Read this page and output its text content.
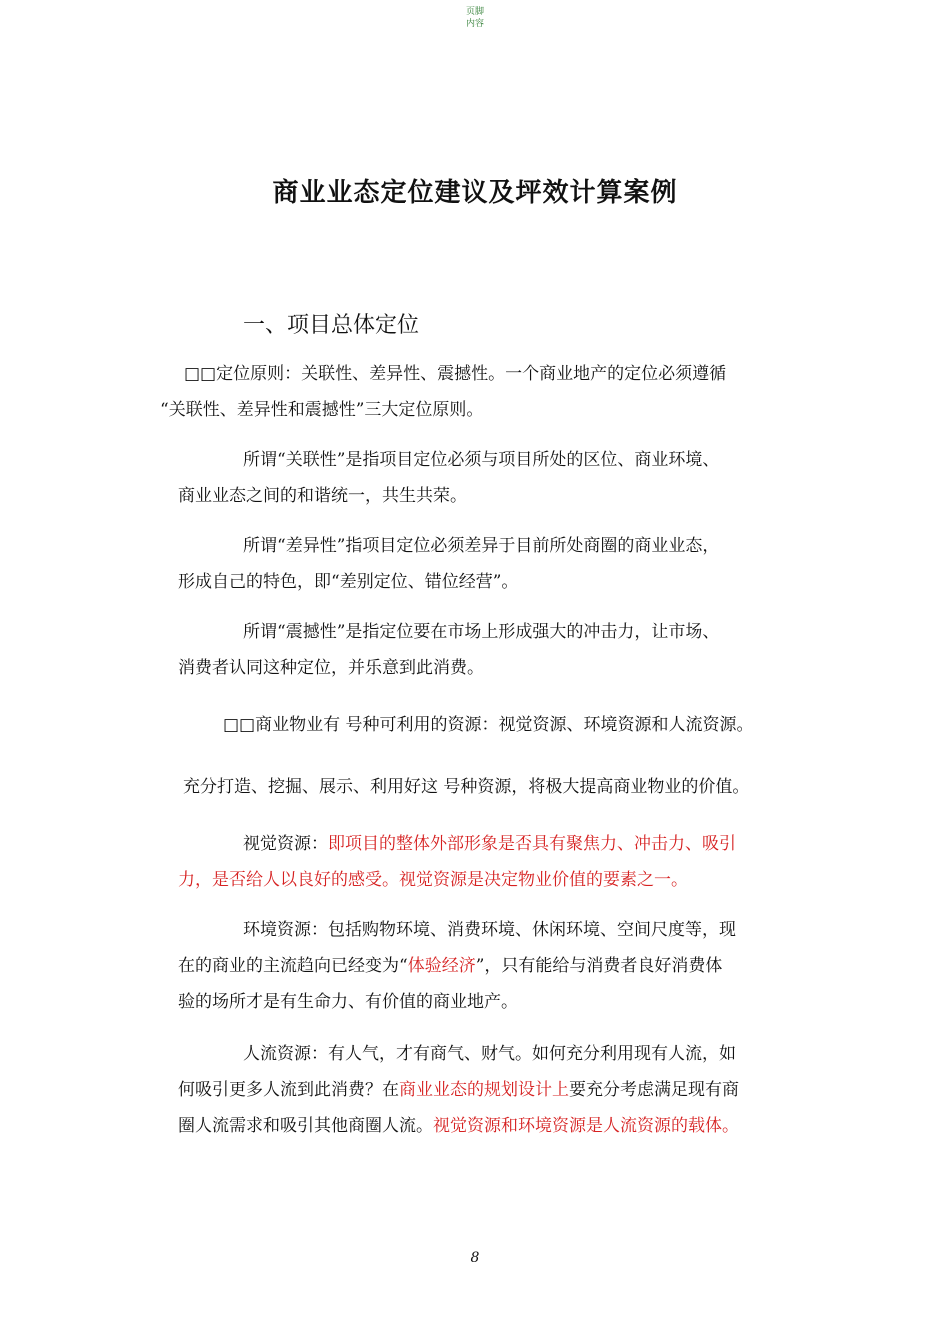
页脚
内容
商业业态定位建议及坪效计算案例
一、项目总体定位
□□定位原则：关联性、差异性、震撼性。一个商业地产的定位必须遵循
“关联性、差异性和震撼性”三大定位原则。
所谓“关联性”是指项目定位必须与项目所处的区位、商业环境、
商业业态之间的和谐统一，共生共荣。
所谓“差异性”指项目定位必须差异于目前所处商圈的商业业态，
形成自己的特色，即“差别定位、错位经营”。
所谓“震撼性”是指定位要在市场上形成强大的冲击力，让市场、
消费者认同这种定位，并乐意到此消费。
□□商业物业有 号种可利用的资源：视觉资源、环境资源和人流资源。
充分打造、挖掘、展示、利用好这 号种资源，将极大提高商业物业的价值。
视觉资源：即项目的整体外部形象是否具有聚焦力、冲击力、吸引
力，是否给人以良好的感受。视觉资源是决定物业价值的要素之一。
环境资源：包括购物环境、消费环境、休闲环境、空间尺度等，现
在的商业的主流趋向已经变为“体验经济”，只有能给与消费者良好消费体
验的场所才是有生命力、有价值的商业地产。
人流资源：有人气，才有商气、财气。如何充分利用现有人流，如
何吸引更多人流到此消费？在商业业态的规划设计上要充分考虑满足现有商
圈人流需求和吸引其他商圈人流。视觉资源和环境资源是人流资源的载体。
8
